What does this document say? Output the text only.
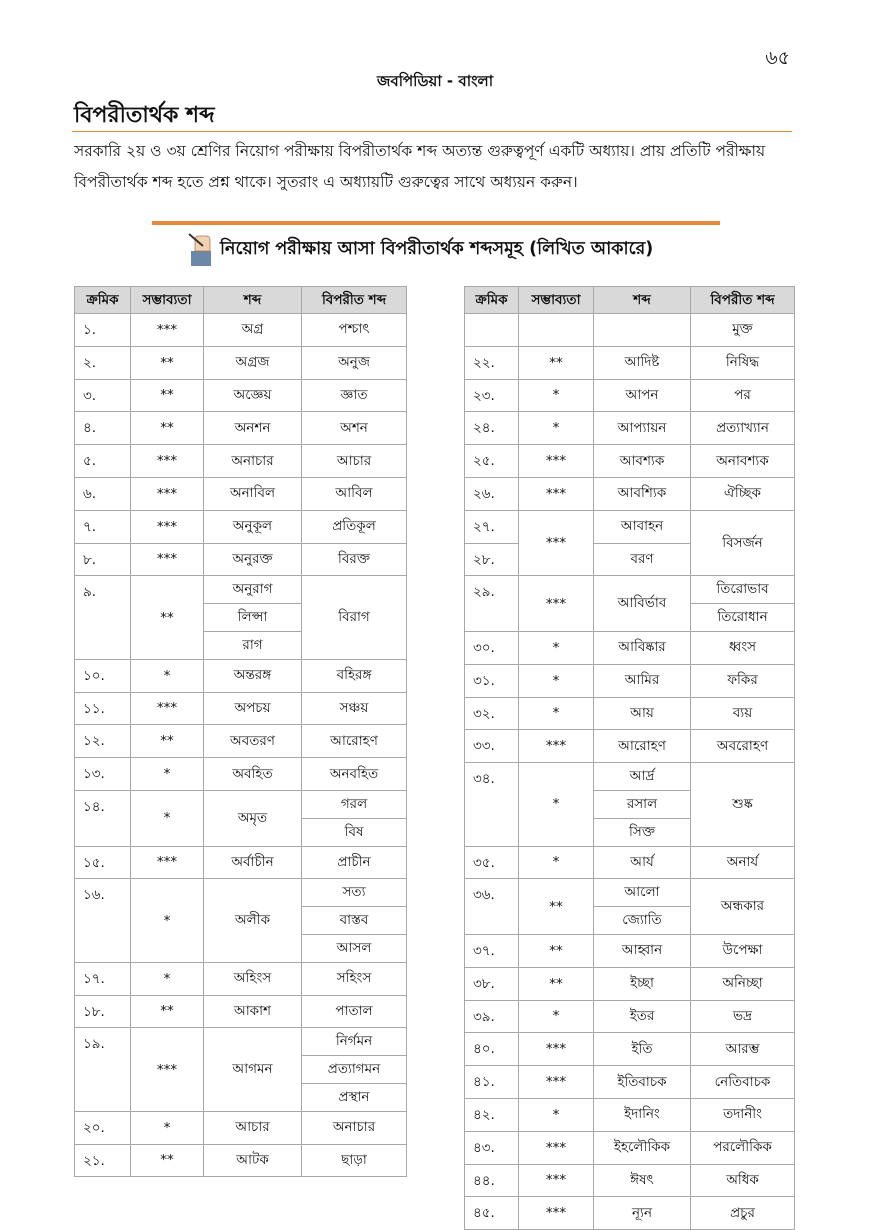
৬৫
জবপিডিয়া - বাংলা
বিপরীতার্থক শব্দ
সরকারি ২য় ও ৩য় শ্রেণির নিয়োগ পরীক্ষায় বিপরীতার্থক শব্দ অত্যন্ত গুরুত্বপূর্ণ একটি অধ্যায়। প্রায় প্রতিটি পরীক্ষায় বিপরীতার্থক শব্দ হতে প্রশ্ন থাকে। সুতরাং এ অধ্যায়টি গুরুত্বের সাথে অধ্যয়ন করুন।
নিয়োগ পরীক্ষায় আসা বিপরীতার্থক শব্দসমূহ (লিখিত আকারে)
ক্রমিক	সম্ভাব্যতা	শব্দ	বিপরীত শব্দ
১.	***	অগ্র	পশ্চাৎ
২.	**	অগ্রজ	অনুজ
৩.	**	অজ্ঞেয়	জ্ঞাত
৪.	**	অনশন	অশন
৫.	***	অনাচার	আচার
৬.	***	অনাবিল	আবিল
৭.	***	অনুকূল	প্রতিকূল
৮.	***	অনুরক্ত	বিরক্ত
৯.	**	অনুরাগ	বিরাগ
		লিপ্সা	
		রাগ	
১০.	*	অন্তরঙ্গ	বহিরঙ্গ
১১.	***	অপচয়	সঞ্চয়
১২.	**	অবতরণ	আরোহণ
১৩.	*	অবহিত	অনবহিত
১৪.	*	অমৃত	গরল
			বিষ
১৫.	***	অর্বাচীন	প্রাচীন
১৬.	*	অলীক	সত্য
			বাস্তব
			আসল
১৭.	*	অহিংস	সহিংস
১৮.	**	আকাশ	পাতাল
১৯.	***	আগমন	নির্গমন
			প্রত্যাগমন
			প্রস্থান
২০.	*	আচার	অনাচার
২১.	**	আটক	ছাড়া
ক্রমিক	সম্ভাব্যতা	শব্দ	বিপরীত শব্দ
			মুক্ত
২২.	**	আদিষ্ট	নিষিদ্ধ
২৩.	*	আপন	পর
২৪.	*	আপ্যায়ন	প্রত্যাখ্যান
২৫.	***	আবশ্যক	অনাবশ্যক
২৬.	***	আবশ্যিক	ঐচ্ছিক
২৭.	***	আবাহন	বিসর্জন
২৮.		বরণ	
২৯.	***	আবির্ভাব	তিরোভাব
			তিরোধান
৩০.	*	আবিষ্কার	ধ্বংস
৩১.	*	আমির	ফকির
৩২.	*	আয়	ব্যয়
৩৩.	***	আরোহণ	অবরোহণ
৩৪.	*	আর্দ্র	শুষ্ক
		রসাল	
		সিক্ত	
৩৫.	*	আর্য	অনার্য
৩৬.	**	আলো	অন্ধকার
		জ্যোতি	
৩৭.	**	আহ্বান	উপেক্ষা
৩৮.	**	ইচ্ছা	অনিচ্ছা
৩৯.	*	ইতর	ভদ্র
৪০.	***	ইতি	আরম্ভ
৪১.	***	ইতিবাচক	নেতিবাচক
৪২.	*	ইদানিং	তদানীং
৪৩.	***	ইহলৌকিক	পরলৌকিক
৪৪.	***	ঈষৎ	অধিক
৪৫.	***	ন্যূন	প্রচুর
